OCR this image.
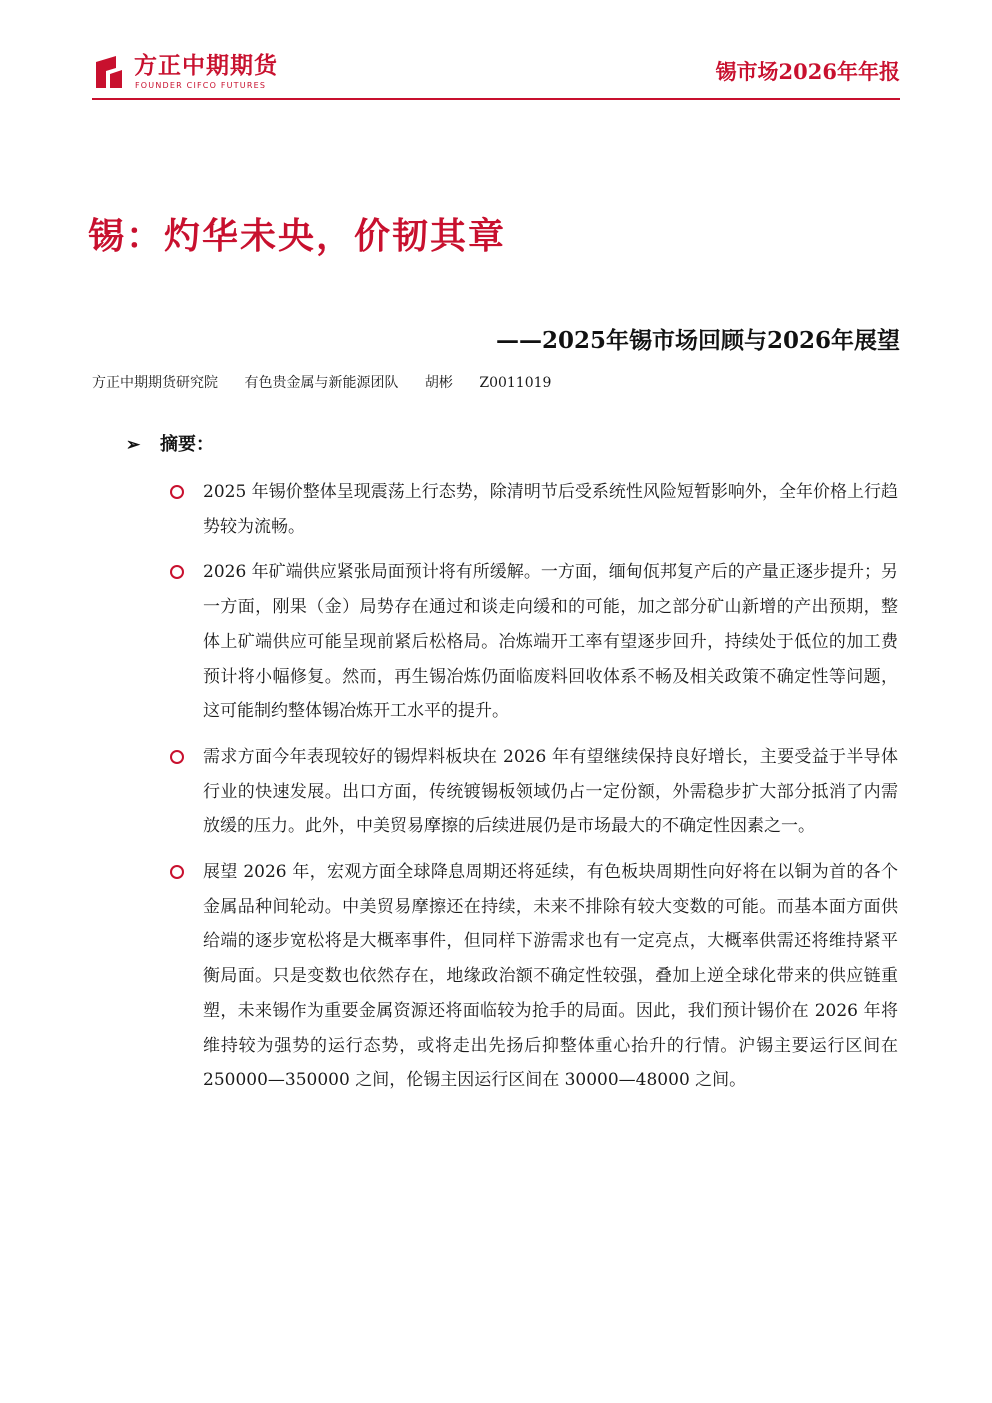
方正中期期货
FOUNDER CIFCO FUTURES
锡市场2026年年报
锡：灼华未央，价韧其章
——2025年锡市场回顾与2026年展望
方正中期期货研究院 有色贵金属与新能源团队 胡彬 Z0011019
➢ 摘要：
2025 年锡价整体呈现震荡上行态势，除清明节后受系统性风险短暂影响外，全年价格上行趋势较为流畅。
2026 年矿端供应紧张局面预计将有所缓解。一方面，缅甸佤邦复产后的产量正逐步提升；另一方面，刚果（金）局势存在通过和谈走向缓和的可能，加之部分矿山新增的产出预期，整体上矿端供应可能呈现前紧后松格局。冶炼端开工率有望逐步回升，持续处于低位的加工费预计将小幅修复。然而，再生锡冶炼仍面临废料回收体系不畅及相关政策不确定性等问题，这可能制约整体锡冶炼开工水平的提升。
需求方面今年表现较好的锡焊料板块在 2026 年有望继续保持良好增长，主要受益于半导体行业的快速发展。出口方面，传统镀锡板领域仍占一定份额，外需稳步扩大部分抵消了内需放缓的压力。此外，中美贸易摩擦的后续进展仍是市场最大的不确定性因素之一。
展望 2026 年，宏观方面全球降息周期还将延续，有色板块周期性向好将在以铜为首的各个金属品种间轮动。中美贸易摩擦还在持续，未来不排除有较大变数的可能。而基本面方面供给端的逐步宽松将是大概率事件，但同样下游需求也有一定亮点，大概率供需还将维持紧平衡局面。只是变数也依然存在，地缘政治额不确定性较强，叠加上逆全球化带来的供应链重塑，未来锡作为重要金属资源还将面临较为抢手的局面。因此，我们预计锡价在 2026 年将维持较为强势的运行态势，或将走出先扬后抑整体重心抬升的行情。沪锡主要运行区间在 250000—350000 之间，伦锡主因运行区间在 30000—48000 之间。
